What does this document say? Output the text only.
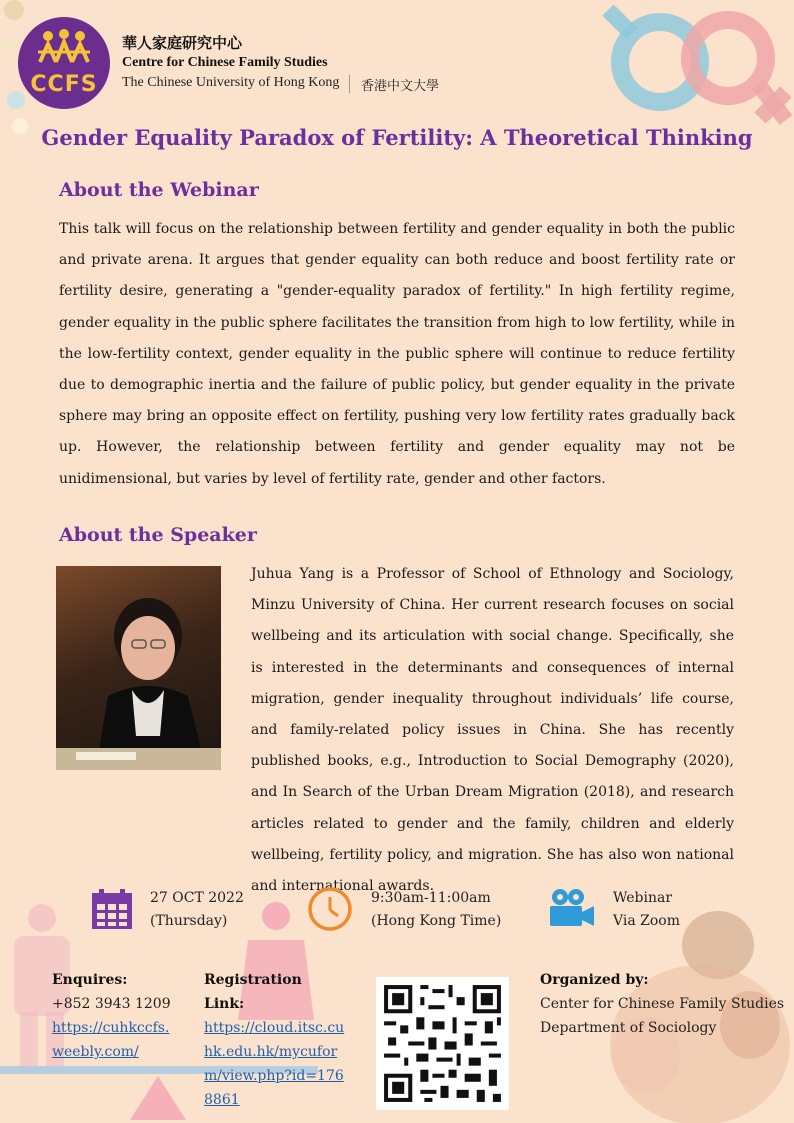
CCFS
華人家庭研究中心
Centre for Chinese Family Studies
The Chinese University of Hong Kong 香港中文大學
Gender Equality Paradox of Fertility: A Theoretical Thinking
About the Webinar
This talk will focus on the relationship between fertility and gender equality in both the public and private arena. It argues that gender equality can both reduce and boost fertility rate or fertility desire, generating a "gender-equality paradox of fertility." In high fertility regime, gender equality in the public sphere facilitates the transition from high to low fertility, while in the low-fertility context, gender equality in the public sphere will continue to reduce fertility due to demographic inertia and the failure of public policy, but gender equality in the private sphere may bring an opposite effect on fertility, pushing very low fertility rates gradually back up. However, the relationship between fertility and gender equality may not be unidimensional, but varies by level of fertility rate, gender and other factors.
About the Speaker
Juhua Yang is a Professor of School of Ethnology and Sociology, Minzu University of China. Her current research focuses on social wellbeing and its articulation with social change. Specifically, she is interested in the determinants and consequences of internal migration, gender inequality throughout individuals’ life course, and family-related policy issues in China. She has recently published books, e.g., Introduction to Social Demography (2020), and In Search of the Urban Dream Migration (2018), and research articles related to gender and the family, children and elderly wellbeing, fertility policy, and migration. She has also won national and international awards.
27 OCT 2022
(Thursday)
9:30am-11:00am
(Hong Kong Time)
Webinar
Via Zoom
Enquires:
+852 3943 1209
https://cuhkccfs.weebly.com/
Registration Link:
https://cloud.itsc.cuhk.edu.hk/mycuform/view.php?id=1768861
Organized by:
Center for Chinese Family Studies
Department of Sociology
